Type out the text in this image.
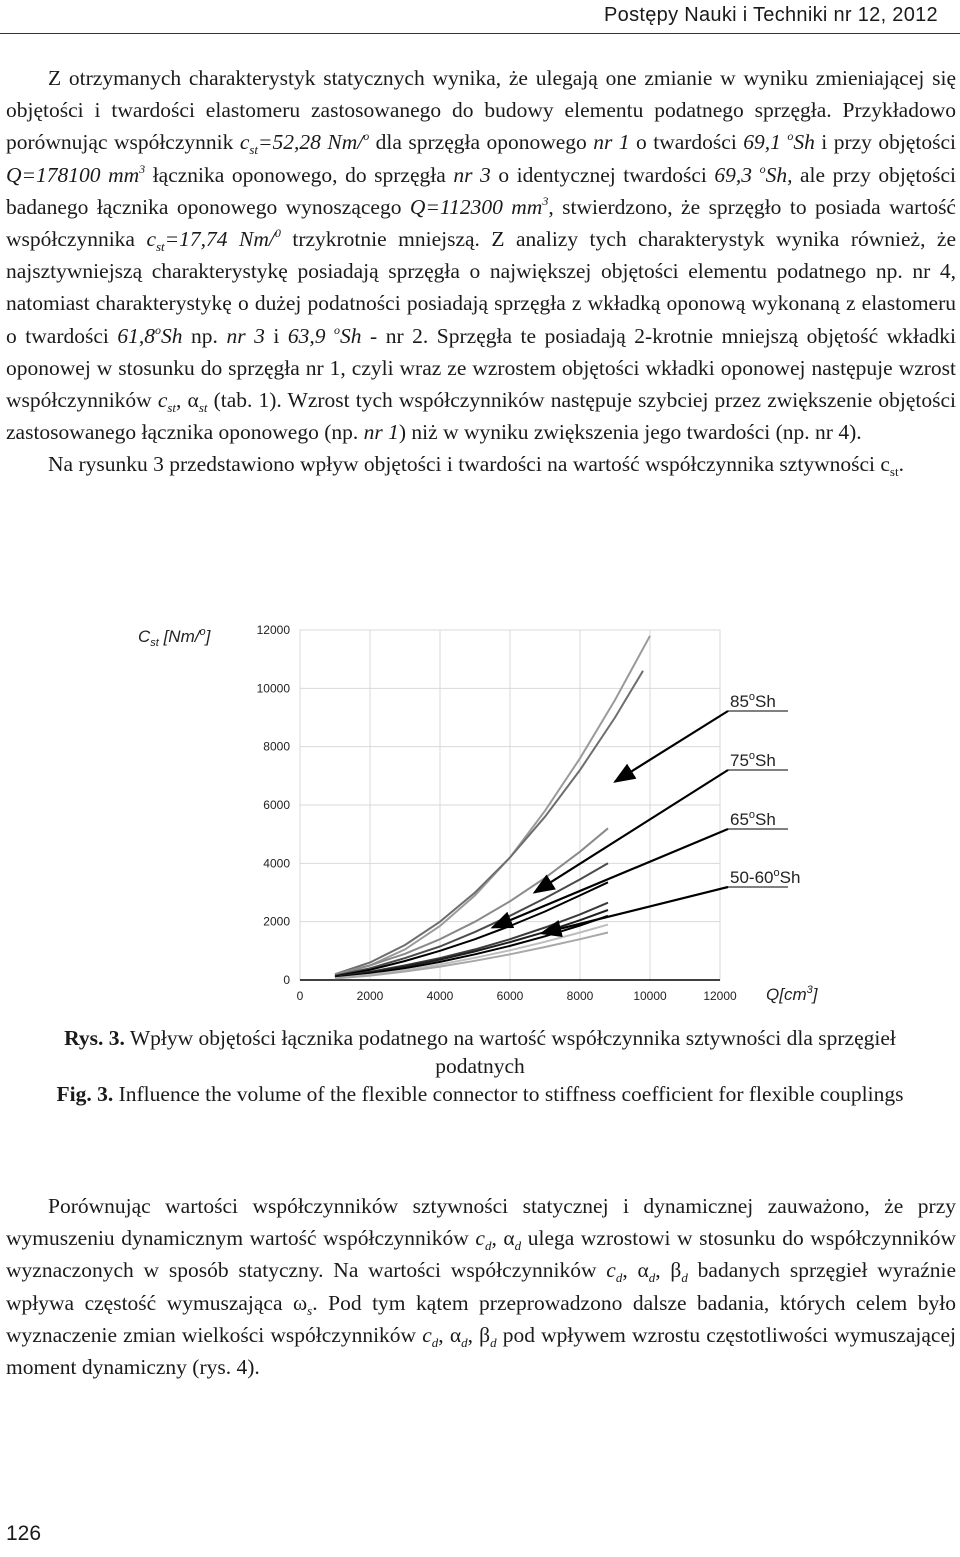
Postępy Nauki i Techniki nr 12, 2012

Z otrzymanych charakterystyk statycznych wynika, że ulegają one zmianie w wyniku zmieniającej się objętości i twardości elastomeru zastosowanego do budowy elementu podatnego sprzęgła. Przykładowo porównując współczynnik $c_{st}=52,28$ Nm/$^o$ dla sprzęgła oponowego nr 1 o twardości 69,1 $^o$Sh i przy objętości Q=178100 $mm^3$ łącznika oponowego, do sprzęgła nr 3 o identycznej twardości 69,3 $^o$Sh, ale przy objętości badanego łącznika oponowego wynoszącego Q=112300 $mm^3$, stwierdzono, że sprzęgło to posiada wartość współczynnika $c_{st}=17,74$ Nm/$^0$ trzykrotnie mniejszą. Z analizy tych charakterystyk wynika również, że najsztywniejszą charakterystykę posiadają sprzęgła o największej objętości elementu podatnego np. nr 4, natomiast charakterystykę o dużej podatności posiadają sprzęgła z wkładką oponową wykonaną z elastomeru o twardości 61,8$^o$Sh np. nr 3 i 63,9 $^o$Sh - nr 2. Sprzęgła te posiadają 2-krotnie mniejszą objętość wkładki oponowej w stosunku do sprzęgła nr 1, czyli wraz ze wzrostem objętości wkładki oponowej następuje wzrost współczynników $c_{st}$, $\alpha_{st}$ (tab. 1). Wzrost tych współczynników następuje szybciej przez zwiększenie objętości zastosowanego łącznika oponowego (np. nr 1) niż w wyniku zwiększenia jego twardości (np. nr 4).

Na rysunku 3 przedstawiono wpływ objętości i twardości na wartość współczynnika sztywności $c_{st}$.

$C_{st}$ [Nm/$^o$]
$Q[cm^3]$
0	2000	4000	6000	8000	10000	12000
0
2000
4000
6000
8000
10000
12000
85$^o$Sh
75$^o$Sh
65$^o$Sh
50-60$^o$Sh
Rys. 3. Wpływ objętości łącznika podatnego na wartość współczynnika sztywności dla sprzęgieł podatnych
Fig. 3. Influence the volume of the flexible connector to stiffness coefficient for flexible couplings

Porównując wartości współczynników sztywności statycznej i dynamicznej zauważono, że przy wymuszeniu dynamicznym wartość współczynników $c_d$, $\alpha_d$ ulega wzrostowi w stosunku do współczynników wyznaczonych w sposób statyczny. Na wartości współczynników $c_d$, $\alpha_d$, $\beta_d$ badanych sprzęgieł wyraźnie wpływa częstość wymuszająca $\omega_s$. Pod tym kątem przeprowadzono dalsze badania, których celem było wyznaczenie zmian wielkości współczynników $c_d$, $\alpha_d$, $\beta_d$ pod wpływem wzrostu częstotliwości wymuszającej moment dynamiczny (rys. 4).

126
